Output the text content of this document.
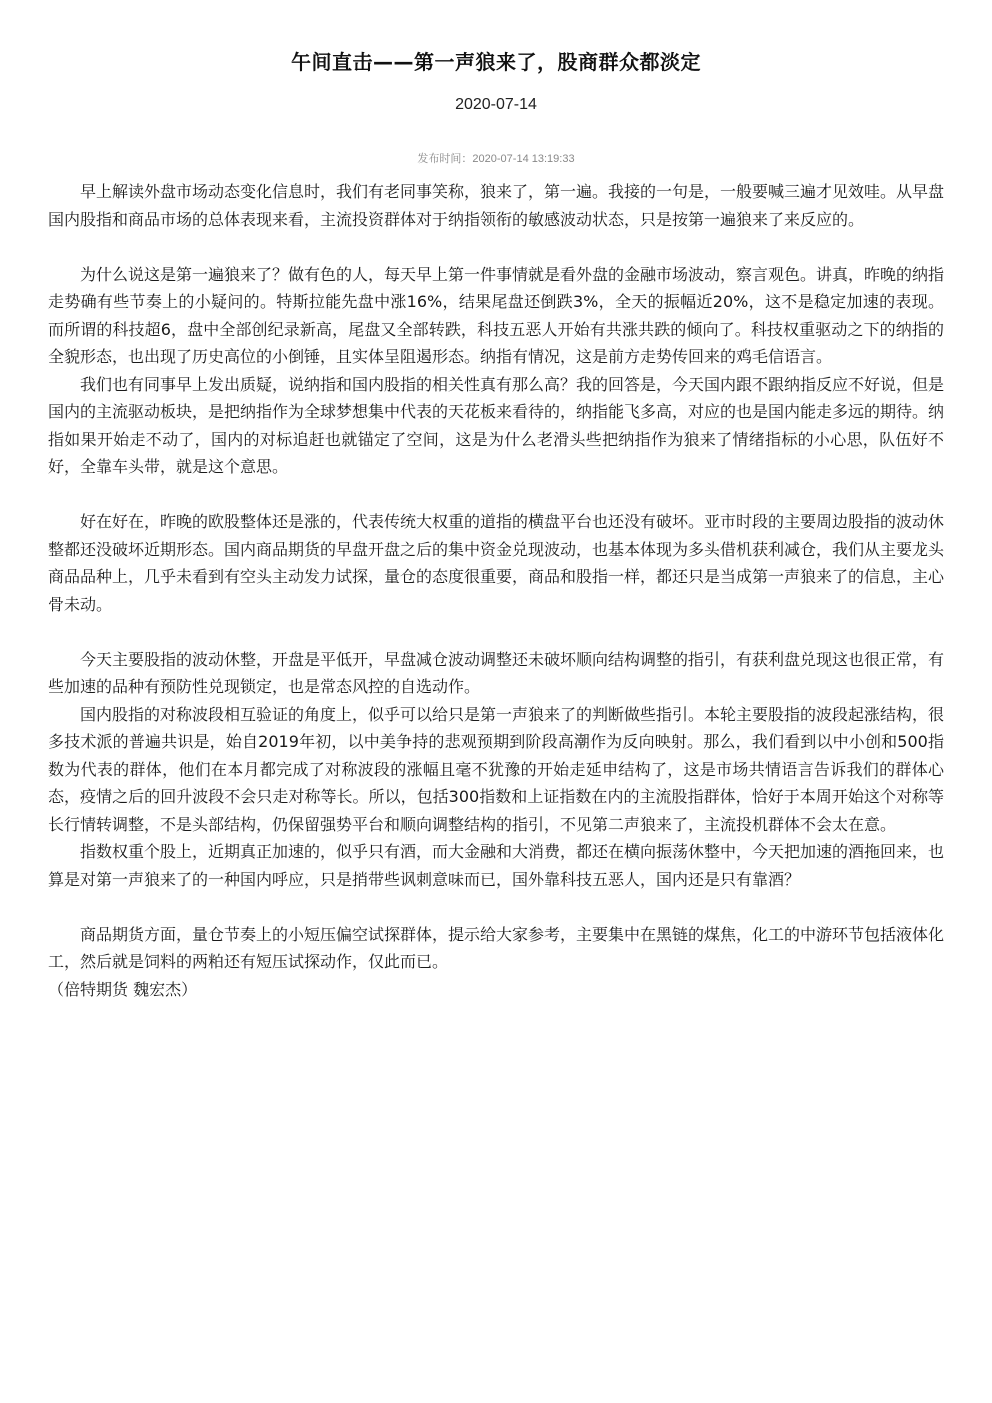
午间直击——第一声狼来了，股商群众都淡定
2020-07-14
发布时间：2020-07-14 13:19:33

早上解读外盘市场动态变化信息时，我们有老同事笑称，狼来了，第一遍。我接的一句是，一般要喊三遍才见效哇。从早盘国内股指和商品市场的总体表现来看，主流投资群体对于纳指领衔的敏感波动状态，只是按第一遍狼来了来反应的。

为什么说这是第一遍狼来了？做有色的人，每天早上第一件事情就是看外盘的金融市场波动，察言观色。讲真，昨晚的纳指走势确有些节奏上的小疑问的。特斯拉能先盘中涨16%，结果尾盘还倒跌3%，全天的振幅近20%，这不是稳定加速的表现。而所谓的科技超6，盘中全部创纪录新高，尾盘又全部转跌，科技五恶人开始有共涨共跌的倾向了。科技权重驱动之下的纳指的全貌形态，也出现了历史高位的小倒锤，且实体呈阻遏形态。纳指有情况，这是前方走势传回来的鸡毛信语言。

我们也有同事早上发出质疑，说纳指和国内股指的相关性真有那么高？我的回答是，今天国内跟不跟纳指反应不好说，但是国内的主流驱动板块，是把纳指作为全球梦想集中代表的天花板来看待的，纳指能飞多高，对应的也是国内能走多远的期待。纳指如果开始走不动了，国内的对标追赶也就锚定了空间，这是为什么老滑头些把纳指作为狼来了情绪指标的小心思，队伍好不好，全靠车头带，就是这个意思。

好在好在，昨晚的欧股整体还是涨的，代表传统大权重的道指的横盘平台也还没有破坏。亚市时段的主要周边股指的波动休整都还没破坏近期形态。国内商品期货的早盘开盘之后的集中资金兑现波动，也基本体现为多头借机获利减仓，我们从主要龙头商品品种上，几乎未看到有空头主动发力试探，量仓的态度很重要，商品和股指一样，都还只是当成第一声狼来了的信息，主心骨未动。

今天主要股指的波动休整，开盘是平低开，早盘减仓波动调整还未破坏顺向结构调整的指引，有获利盘兑现这也很正常，有些加速的品种有预防性兑现锁定，也是常态风控的自选动作。

国内股指的对称波段相互验证的角度上，似乎可以给只是第一声狼来了的判断做些指引。本轮主要股指的波段起涨结构，很多技术派的普遍共识是，始自2019年初，以中美争持的悲观预期到阶段高潮作为反向映射。那么，我们看到以中小创和500指数为代表的群体，他们在本月都完成了对称波段的涨幅且毫不犹豫的开始走延申结构了，这是市场共情语言告诉我们的群体心态，疫情之后的回升波段不会只走对称等长。所以，包括300指数和上证指数在内的主流股指群体，恰好于本周开始这个对称等长行情转调整，不是头部结构，仍保留强势平台和顺向调整结构的指引，不见第二声狼来了，主流投机群体不会太在意。

指数权重个股上，近期真正加速的，似乎只有酒，而大金融和大消费，都还在横向振荡休整中，今天把加速的酒拖回来，也算是对第一声狼来了的一种国内呼应，只是捎带些讽刺意味而已，国外靠科技五恶人，国内还是只有靠酒？

商品期货方面，量仓节奏上的小短压偏空试探群体，提示给大家参考，主要集中在黑链的煤焦，化工的中游环节包括液体化工，然后就是饲料的两粕还有短压试探动作，仅此而已。

（倍特期货 魏宏杰）
